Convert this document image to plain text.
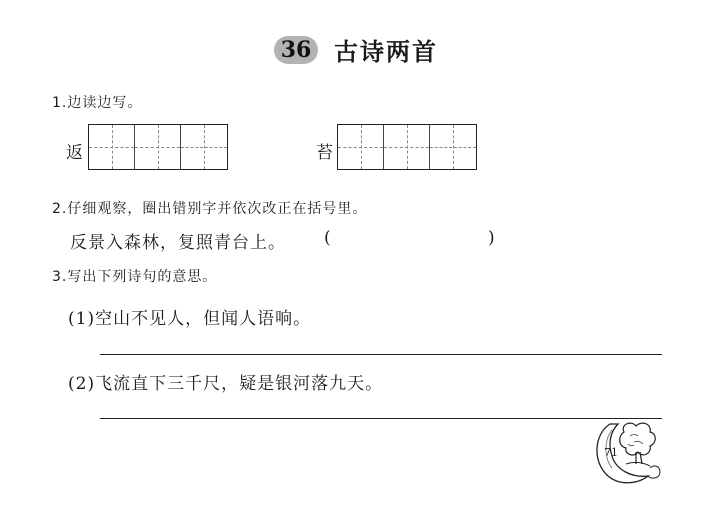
36 古诗两首
1.边读边写。
返	苔
2.仔细观察，圈出错别字并依次改正在括号里。
反景入森林，复照青台上。 (	)
3.写出下列诗句的意思。
(1)空山不见人，但闻人语响。
(2)飞流直下三千尺，疑是银河落九天。
71
